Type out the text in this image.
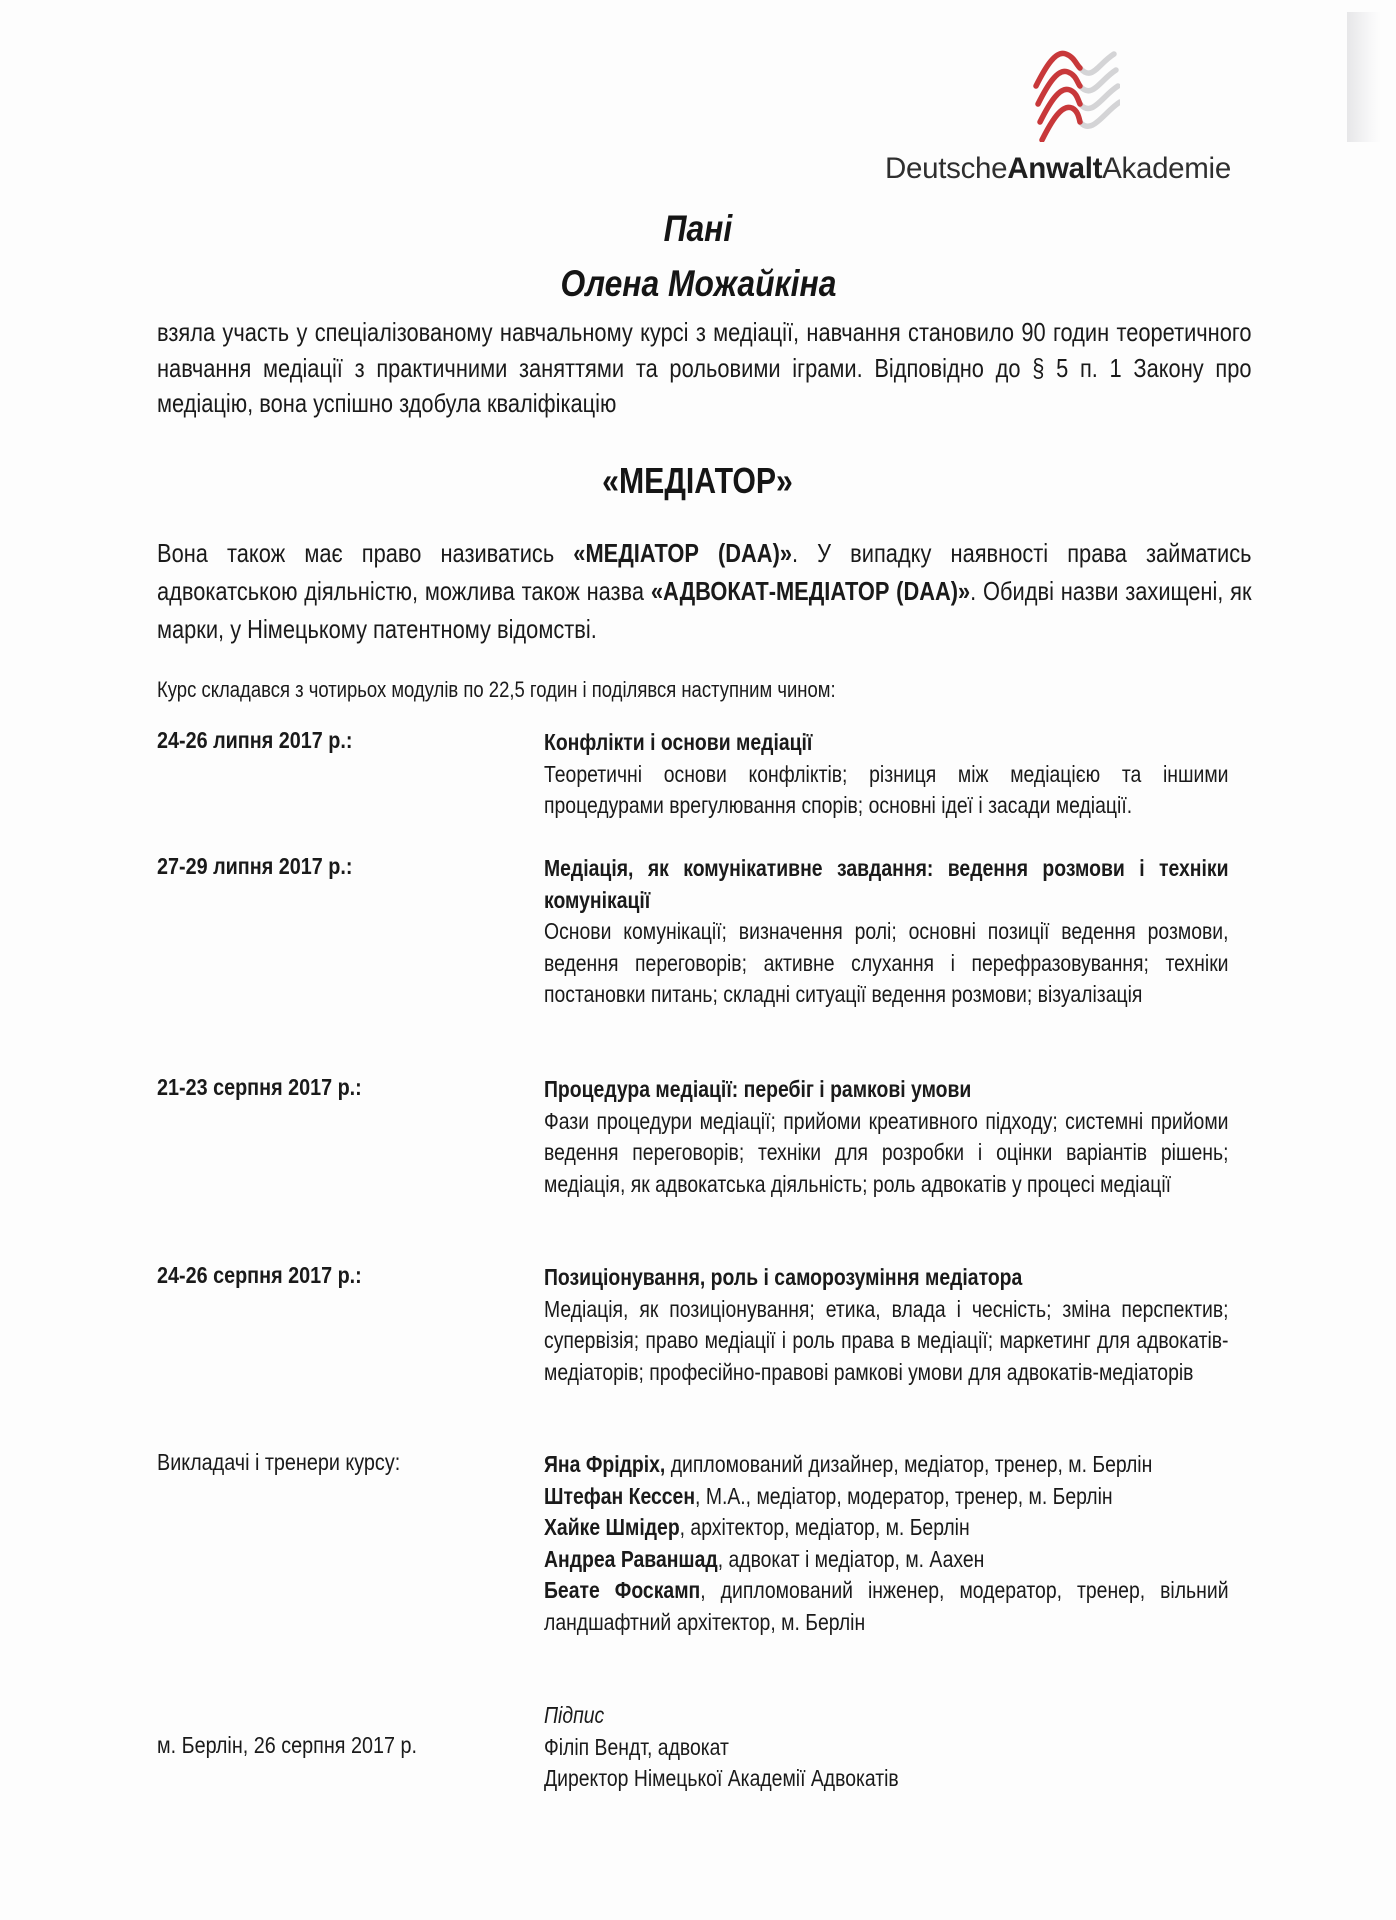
DeutscheAnwaltAkademie
Пані
Олена Можайкіна
взяла участь у спеціалізованому навчальному курсі з медіації, навчання становило 90 годин теоретичного навчання медіації з практичними заняттями та рольовими іграми. Відповідно до § 5 п. 1 Закону про медіацію, вона успішно здобула кваліфікацію
«МЕДІАТОР»
Вона також має право називатись «МЕДІАТОР (DAA)». У випадку наявності права займатись адвокатською діяльністю, можлива також назва «АДВОКАТ-МЕДІАТОР (DAA)». Обидві назви захищені, як марки, у Німецькому патентному відомстві.
Курс складався з чотирьох модулів по 22,5 годин і поділявся наступним чином:
24-26 липня 2017 р.:	Конфлікти і основи медіації
Теоретичні основи конфліктів; різниця між медіацією та іншими процедурами врегулювання спорів; основні ідеї і засади медіації.
27-29 липня 2017 р.:	Медіація, як комунікативне завдання: ведення розмови і техніки комунікації
Основи комунікації; визначення ролі; основні позиції ведення розмови, ведення переговорів; активне слухання і перефразовування; техніки постановки питань; складні ситуації ведення розмови; візуалізація
21-23 серпня 2017 р.:	Процедура медіації: перебіг і рамкові умови
Фази процедури медіації; прийоми креативного підходу; системні прийоми ведення переговорів; техніки для розробки і оцінки варіантів рішень; медіація, як адвокатська діяльність; роль адвокатів у процесі медіації
24-26 серпня 2017 р.:	Позиціонування, роль і саморозуміння медіатора
Медіація, як позиціонування; етика, влада і чесність; зміна перспектив; супервізія; право медіації і роль права в медіації; маркетинг для адвокатів-медіаторів; професійно-правові рамкові умови для адвокатів-медіаторів
Викладачі і тренери курсу:	Яна Фрідріх, дипломований дизайнер, медіатор, тренер, м. Берлін
Штефан Кессен, M.A., медіатор, модератор, тренер, м. Берлін
Хайке Шмідер, архітектор, медіатор, м. Берлін
Андреа Раваншад, адвокат і медіатор, м. Аахен
Беате Фоскамп, дипломований інженер, модератор, тренер, вільний ландшафтний архітектор, м. Берлін
м. Берлін, 26 серпня 2017 р.
Підпис
Філіп Вендт, адвокат
Директор Німецької Академії Адвокатів
